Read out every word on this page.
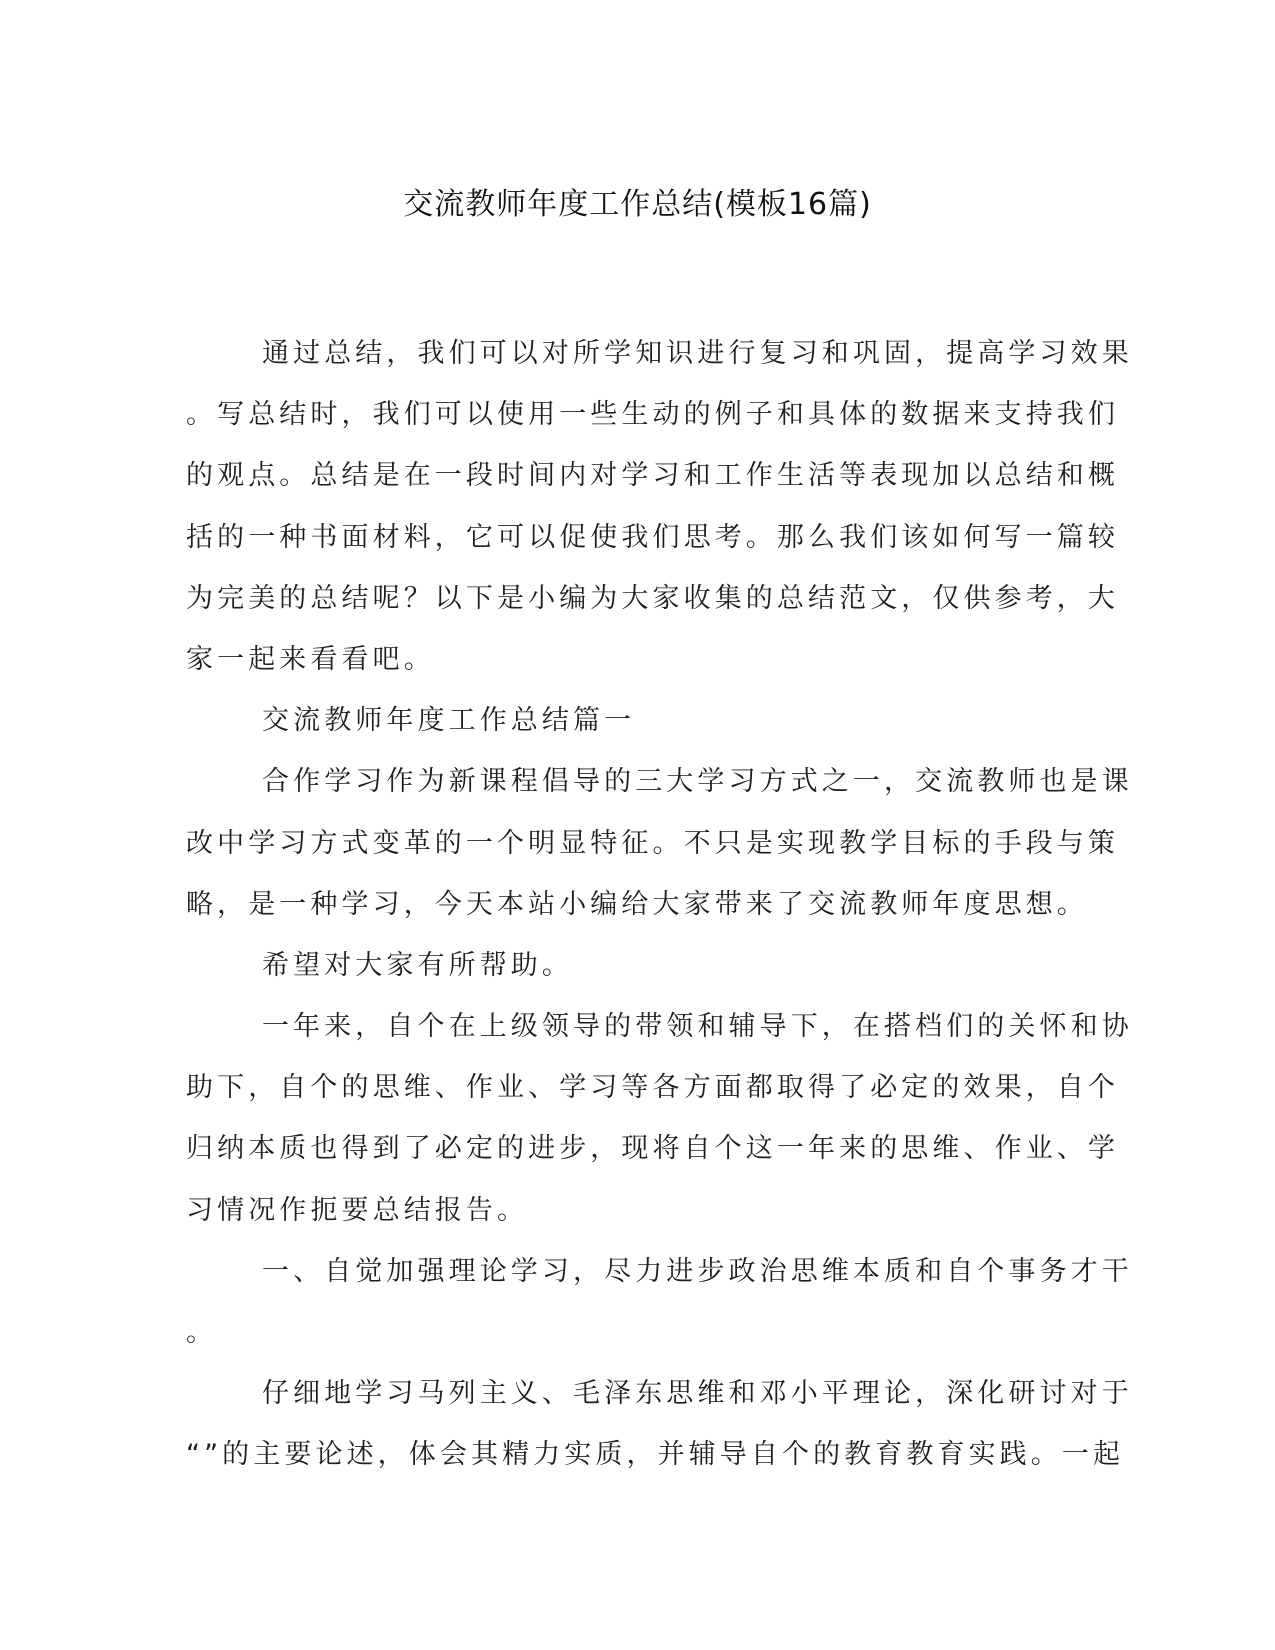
交流教师年度工作总结(模板16篇)
通过总结，我们可以对所学知识进行复习和巩固，提高学习效果
。写总结时，我们可以使用一些生动的例子和具体的数据来支持我们
的观点。总结是在一段时间内对学习和工作生活等表现加以总结和概
括的一种书面材料，它可以促使我们思考。那么我们该如何写一篇较
为完美的总结呢？以下是小编为大家收集的总结范文，仅供参考，大
家一起来看看吧。
交流教师年度工作总结篇一
合作学习作为新课程倡导的三大学习方式之一，交流教师也是课
改中学习方式变革的一个明显特征。不只是实现教学目标的手段与策
略，是一种学习，今天本站小编给大家带来了交流教师年度思想。
希望对大家有所帮助。
一年来，自个在上级领导的带领和辅导下，在搭档们的关怀和协
助下，自个的思维、作业、学习等各方面都取得了必定的效果，自个
归纳本质也得到了必定的进步，现将自个这一年来的思维、作业、学
习情况作扼要总结报告。
一、自觉加强理论学习，尽力进步政治思维本质和自个事务才干
。
仔细地学习马列主义、毛泽东思维和邓小平理论，深化研讨对于
“”的主要论述，体会其精力实质，并辅导自个的教育教育实践。一起
